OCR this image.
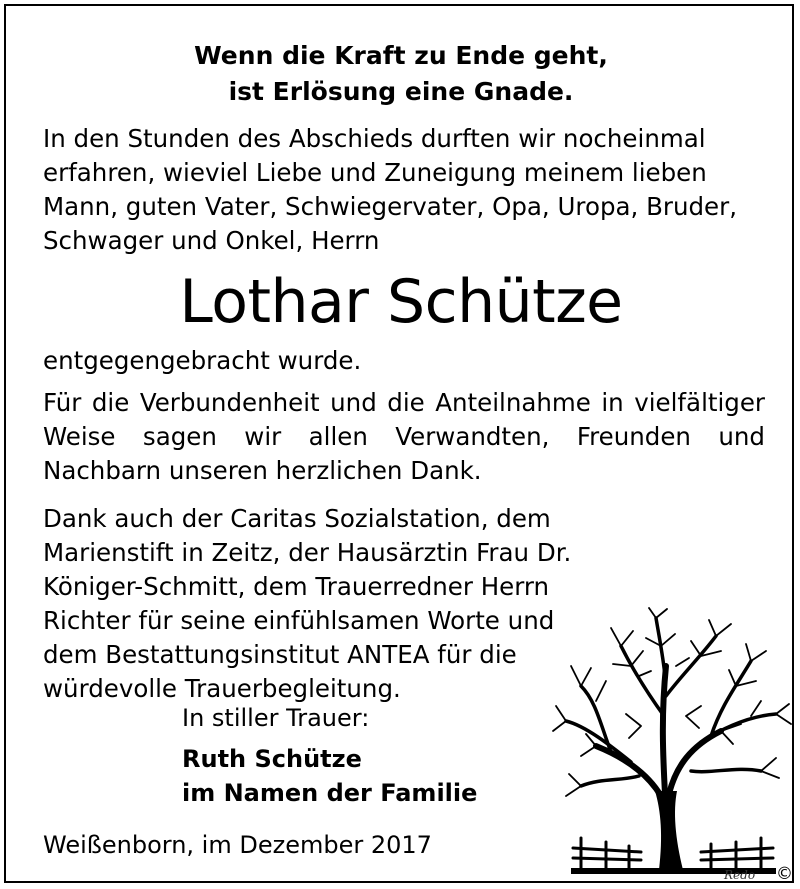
Wenn die Kraft zu Ende geht,
ist Erlösung eine Gnade.
In den Stunden des Abschieds durften wir nocheinmal erfahren, wieviel Liebe und Zuneigung meinem lieben Mann, guten Vater, Schwiegervater, Opa, Uropa, Bruder, Schwager und Onkel, Herrn
Lothar Schütze
entgegengebracht wurde.
Für die Verbundenheit und die Anteilnahme in vielfältiger Weise sagen wir allen Verwandten, Freunden und Nachbarn unseren herzlichen Dank.
Dank auch der Caritas Sozialstation, dem Marienstift in Zeitz, der Hausärztin Frau Dr. Königer-Schmitt, dem Trauerredner Herrn Richter für seine einfühlsamen Worte und dem Bestattungsinstitut ANTEA für die würdevolle Trauerbegleitung.
In stiller Trauer:
Ruth Schütze
im Namen der Familie
Weißenborn, im Dezember 2017
Redo ©
